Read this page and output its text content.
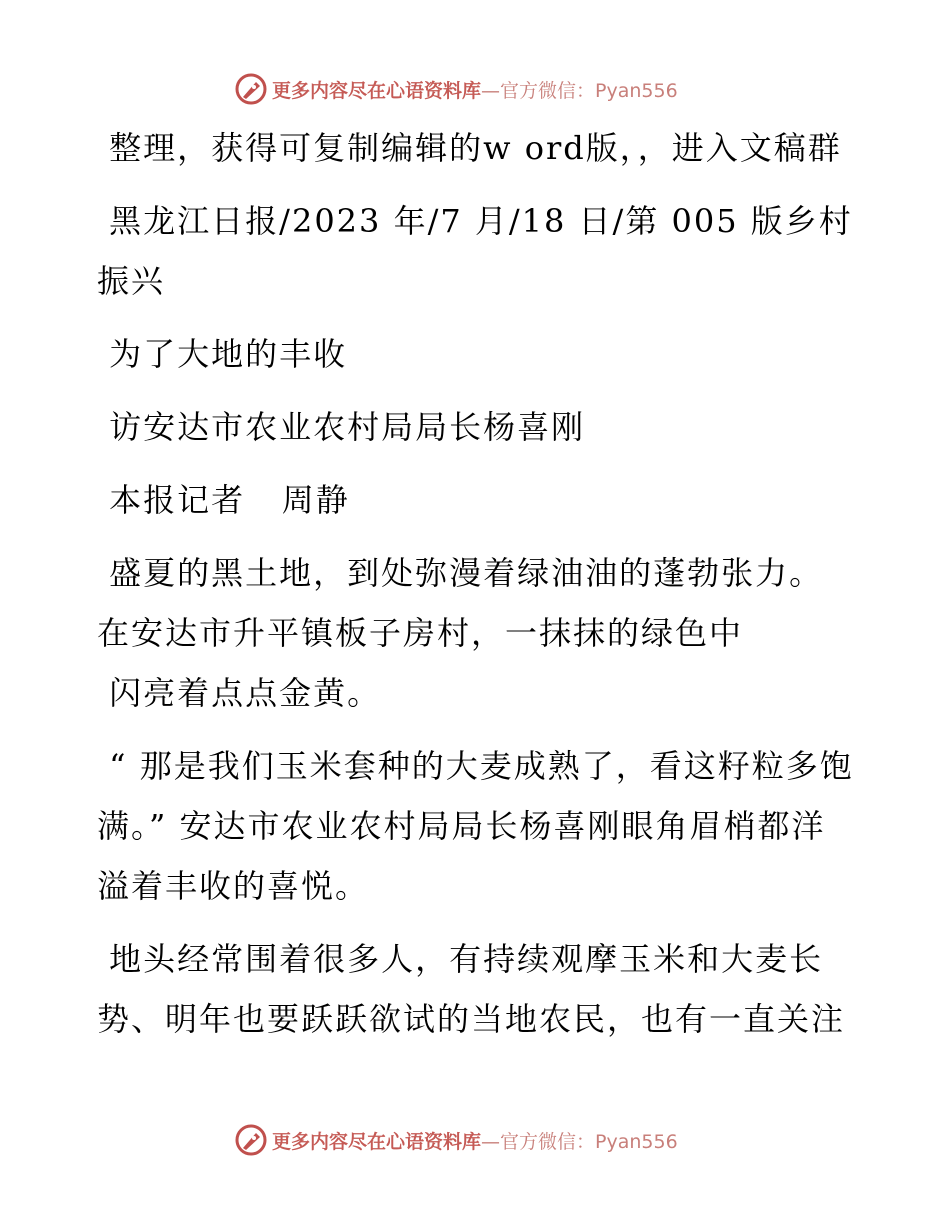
更多内容尽在心语资料库—官方微信：Pyan556

整理，获得可复制编辑的w ord版，，进入文稿群

黑龙江日报/2023 年/7 月/18 日/第 005 版乡村振兴

为了大地的丰收

访安达市农业农村局局长杨喜刚

本报记者   周静

盛夏的黑土地，到处弥漫着绿油油的蓬勃张力。在安达市升平镇板子房村，一抹抹的绿色中

闪亮着点点金黄。

“ 那是我们玉米套种的大麦成熟了，看这籽粒多饱满。” 安达市农业农村局局长杨喜刚眼角眉梢都洋溢着丰收的喜悦。

地头经常围着很多人，有持续观摩玉米和大麦长势、明年也要跃跃欲试的当地农民，也有一直关注

更多内容尽在心语资料库—官方微信：Pyan556
